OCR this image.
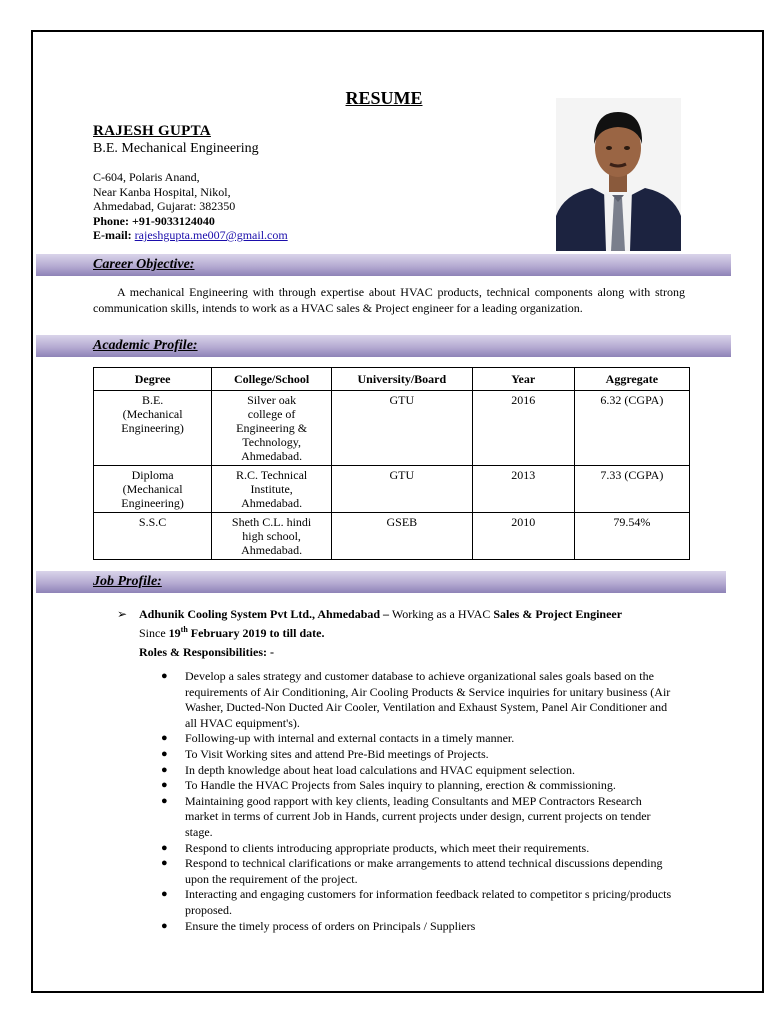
RESUME
RAJESH GUPTA
B.E. Mechanical Engineering
C-604, Polaris Anand,
Near Kanba Hospital, Nikol,
Ahmedabad, Gujarat: 382350
Phone: +91-9033124040
E-mail: rajeshgupta.me007@gmail.com
Career Objective:
A mechanical Engineering with through expertise about HVAC products, technical components along with strong communication skills, intends to work as a HVAC sales & Project engineer for a leading organization.
Academic Profile:
Degree	College/School	University/Board	Year	Aggregate
B.E.
(Mechanical
Engineering)	Silver oak
college of
Engineering &
Technology,
Ahmedabad.	GTU	2016	6.32 (CGPA)
Diploma
(Mechanical
Engineering)	R.C. Technical
Institute,
Ahmedabad.	GTU	2013	7.33 (CGPA)
S.S.C	Sheth C.L. hindi
high school,
Ahmedabad.	GSEB	2010	79.54%
Job Profile:
➢ Adhunik Cooling System Pvt Ltd., Ahmedabad – Working as a HVAC Sales & Project Engineer
Since 19th February 2019 to till date.
Roles & Responsibilities: -
● Develop a sales strategy and customer database to achieve organizational sales goals based on the requirements of Air Conditioning, Air Cooling Products & Service inquiries for unitary business (Air Washer, Ducted-Non Ducted Air Cooler, Ventilation and Exhaust System, Panel Air Conditioner and all HVAC equipment's).
● Following-up with internal and external contacts in a timely manner.
● To Visit Working sites and attend Pre-Bid meetings of Projects.
● In depth knowledge about heat load calculations and HVAC equipment selection.
● To Handle the HVAC Projects from Sales inquiry to planning, erection & commissioning.
● Maintaining good rapport with key clients, leading Consultants and MEP Contractors Research market in terms of current Job in Hands, current projects under design, current projects on tender stage.
● Respond to clients introducing appropriate products, which meet their requirements.
● Respond to technical clarifications or make arrangements to attend technical discussions depending upon the requirement of the project.
● Interacting and engaging customers for information feedback related to competitor s pricing/products proposed.
● Ensure the timely process of orders on Principals / Suppliers
